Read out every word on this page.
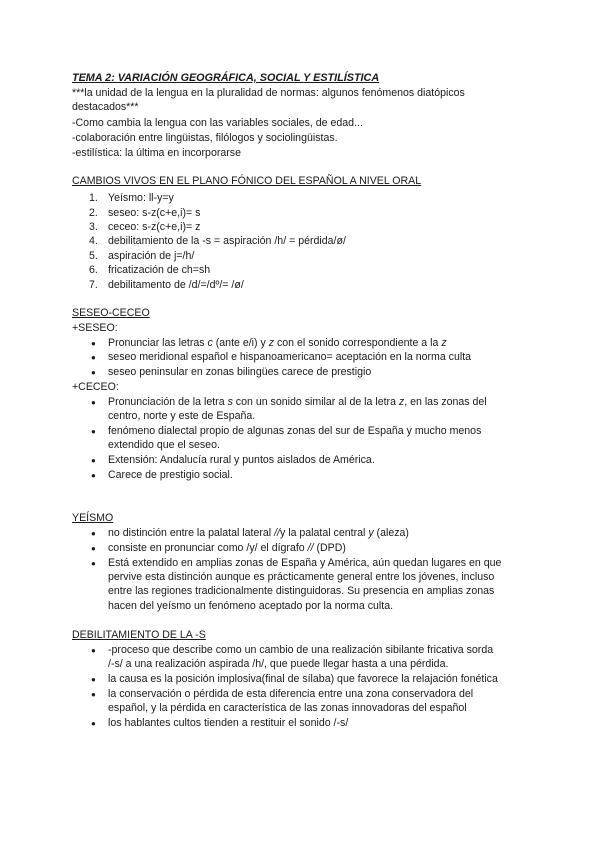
TEMA 2: VARIACIÓN GEOGRÁFICA, SOCIAL Y ESTILÍSTICA
***la unidad de la lengua en la pluralidad de normas: algunos fenómenos diatópicos
destacados***
-Como cambia la lengua con las variables sociales, de edad...
-colaboración entre lingüistas, filólogos y sociolingüistas.
-estilística: la última en incorporarse
CAMBIOS VIVOS EN EL PLANO FÓNICO DEL ESPAÑOL A NIVEL ORAL
1. Yeísmo: ll-y=y
2. seseo: s-z(c+e,i)= s
3. ceceo: s-z(c+e,i)= z
4. debilitamiento de la -s = aspiración /h/ = pérdida/ø/
5. aspiración de j=/h/
6. fricatización de ch=sh
7. debilitamento de /d/=/dº/= /ø/
SESEO-CECEO
+SESEO:
● Pronunciar las letras c (ante e/i) y z con el sonido correspondiente a la z
● seseo meridional español e hispanoamericano= aceptación en la norma culta
● seseo peninsular en zonas bilingües carece de prestigio
+CECEO:
● Pronunciación de la letra s con un sonido similar al de la letra z, en las zonas del
centro, norte y este de España.
● fenómeno dialectal propio de algunas zonas del sur de España y mucho menos
extendido que el seseo.
● Extensión: Andalucía rural y puntos aislados de América.
● Carece de prestigio social.
YEÍSMO
● no distinción entre la palatal lateral //y la palatal central y (aleza)
● consiste en pronunciar como /y/ el dígrafo // (DPD)
● Está extendido en amplias zonas de España y América, aún quedan lugares en que
pervive esta distinción aunque es prácticamente general entre los jóvenes, incluso
entre las regiones tradicionalmente distinguidoras. Su presencia en amplias zonas
hacen del yeísmo un fenómeno aceptado por la norma culta.
DEBILITAMIENTO DE LA -S
● -proceso que describe como un cambio de una realización sibilante fricativa sorda
/-s/ a una realización aspirada /h/, que puede llegar hasta a una pérdida.
● la causa es la posición implosiva(final de sílaba) que favorece la relajación fonética
● la conservación o pérdida de esta diferencia entre una zona conservadora del
español, y la pérdida en característica de las zonas innovadoras del español
● los hablantes cultos tienden a restituir el sonido /-s/
